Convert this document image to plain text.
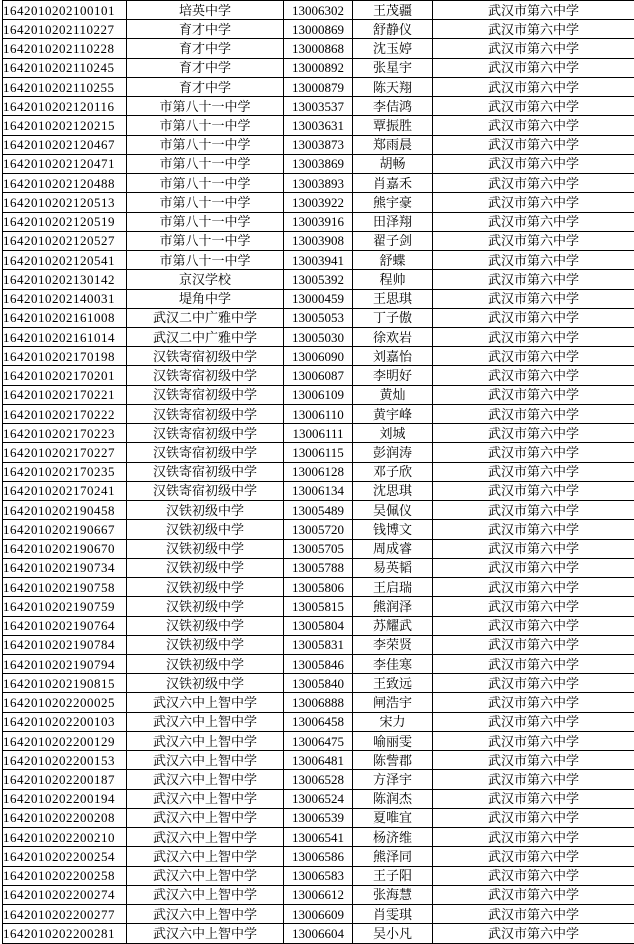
1642010202100101	培英中学	13006302	王茂疆	武汉市第六中学
1642010202110227	育才中学	13000869	舒静仪	武汉市第六中学
1642010202110228	育才中学	13000868	沈玉婷	武汉市第六中学
1642010202110245	育才中学	13000892	张星宇	武汉市第六中学
1642010202110255	育才中学	13000879	陈天翔	武汉市第六中学
1642010202120116	市第八十一中学	13003537	李佶鸿	武汉市第六中学
1642010202120215	市第八十一中学	13003631	覃振胜	武汉市第六中学
1642010202120467	市第八十一中学	13003873	郑雨晨	武汉市第六中学
1642010202120471	市第八十一中学	13003869	胡畅	武汉市第六中学
1642010202120488	市第八十一中学	13003893	肖嘉禾	武汉市第六中学
1642010202120513	市第八十一中学	13003922	熊宇豪	武汉市第六中学
1642010202120519	市第八十一中学	13003916	田泽翔	武汉市第六中学
1642010202120527	市第八十一中学	13003908	翟子剑	武汉市第六中学
1642010202120541	市第八十一中学	13003941	舒蝶	武汉市第六中学
1642010202130142	京汉学校	13005392	程帅	武汉市第六中学
1642010202140031	堤角中学	13000459	王思琪	武汉市第六中学
1642010202161008	武汉二中广雅中学	13005053	丁子傲	武汉市第六中学
1642010202161014	武汉二中广雅中学	13005030	徐欢岩	武汉市第六中学
1642010202170198	汉铁寄宿初级中学	13006090	刘嘉怡	武汉市第六中学
1642010202170201	汉铁寄宿初级中学	13006087	李明好	武汉市第六中学
1642010202170221	汉铁寄宿初级中学	13006109	黄灿	武汉市第六中学
1642010202170222	汉铁寄宿初级中学	13006110	黄宇峰	武汉市第六中学
1642010202170223	汉铁寄宿初级中学	13006111	刘城	武汉市第六中学
1642010202170227	汉铁寄宿初级中学	13006115	彭润涛	武汉市第六中学
1642010202170235	汉铁寄宿初级中学	13006128	邓子欣	武汉市第六中学
1642010202170241	汉铁寄宿初级中学	13006134	沈思琪	武汉市第六中学
1642010202190458	汉铁初级中学	13005489	吴佩仪	武汉市第六中学
1642010202190667	汉铁初级中学	13005720	钱博文	武汉市第六中学
1642010202190670	汉铁初级中学	13005705	周成睿	武汉市第六中学
1642010202190734	汉铁初级中学	13005788	易英韬	武汉市第六中学
1642010202190758	汉铁初级中学	13005806	王启瑞	武汉市第六中学
1642010202190759	汉铁初级中学	13005815	熊润泽	武汉市第六中学
1642010202190764	汉铁初级中学	13005804	苏耀武	武汉市第六中学
1642010202190784	汉铁初级中学	13005831	李荣贤	武汉市第六中学
1642010202190794	汉铁初级中学	13005846	李佳寒	武汉市第六中学
1642010202190815	汉铁初级中学	13005840	王致远	武汉市第六中学
1642010202200025	武汉六中上智中学	13006888	闸浩宇	武汉市第六中学
1642010202200103	武汉六中上智中学	13006458	宋力	武汉市第六中学
1642010202200129	武汉六中上智中学	13006475	喻丽雯	武汉市第六中学
1642010202200153	武汉六中上智中学	13006481	陈訾郡	武汉市第六中学
1642010202200187	武汉六中上智中学	13006528	方泽宇	武汉市第六中学
1642010202200194	武汉六中上智中学	13006524	陈润杰	武汉市第六中学
1642010202200208	武汉六中上智中学	13006539	夏唯宜	武汉市第六中学
1642010202200210	武汉六中上智中学	13006541	杨济维	武汉市第六中学
1642010202200254	武汉六中上智中学	13006586	熊泽同	武汉市第六中学
1642010202200258	武汉六中上智中学	13006583	王子阳	武汉市第六中学
1642010202200274	武汉六中上智中学	13006612	张海慧	武汉市第六中学
1642010202200277	武汉六中上智中学	13006609	肖雯琪	武汉市第六中学
1642010202200281	武汉六中上智中学	13006604	吴小凡	武汉市第六中学
